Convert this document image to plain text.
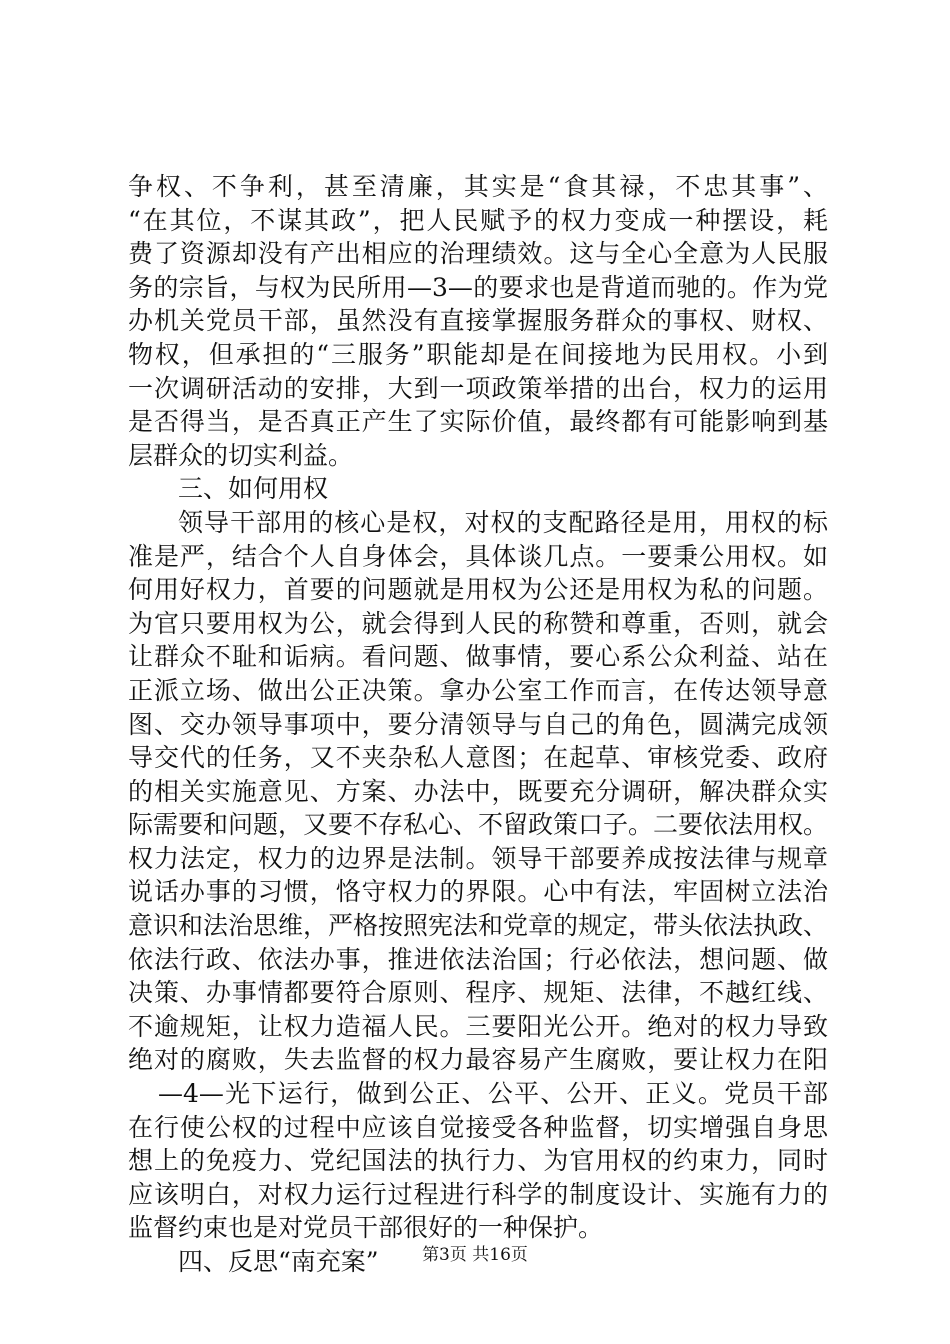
争权、不争利，甚至清廉，其实是“食其禄，不忠其事”、
“在其位，不谋其政”，把人民赋予的权力变成一种摆设，耗
费了资源却没有产出相应的治理绩效。这与全心全意为人民服
务的宗旨，与权为民所用—3—的要求也是背道而驰的。作为党
办机关党员干部，虽然没有直接掌握服务群众的事权、财权、
物权，但承担的“三服务”职能却是在间接地为民用权。小到
一次调研活动的安排，大到一项政策举措的出台，权力的运用
是否得当，是否真正产生了实际价值，最终都有可能影响到基
层群众的切实利益。
三、如何用权
领导干部用的核心是权，对权的支配路径是用，用权的标
准是严，结合个人自身体会，具体谈几点。一要秉公用权。如
何用好权力，首要的问题就是用权为公还是用权为私的问题。
为官只要用权为公，就会得到人民的称赞和尊重，否则，就会
让群众不耻和诟病。看问题、做事情，要心系公众利益、站在
正派立场、做出公正决策。拿办公室工作而言，在传达领导意
图、交办领导事项中，要分清领导与自己的角色，圆满完成领
导交代的任务，又不夹杂私人意图；在起草、审核党委、政府
的相关实施意见、方案、办法中，既要充分调研，解决群众实
际需要和问题，又要不存私心、不留政策口子。二要依法用权。
权力法定，权力的边界是法制。领导干部要养成按法律与规章
说话办事的习惯，恪守权力的界限。心中有法，牢固树立法治
意识和法治思维，严格按照宪法和党章的规定，带头依法执政、
依法行政、依法办事，推进依法治国；行必依法，想问题、做
决策、办事情都要符合原则、程序、规矩、法律，不越红线、
不逾规矩，让权力造福人民。三要阳光公开。绝对的权力导致
绝对的腐败，失去监督的权力最容易产生腐败，要让权力在阳
—4—光下运行，做到公正、公平、公开、正义。党员干部
在行使公权的过程中应该自觉接受各种监督，切实增强自身思
想上的免疫力、党纪国法的执行力、为官用权的约束力，同时
应该明白，对权力运行过程进行科学的制度设计、实施有力的
监督约束也是对党员干部很好的一种保护。
四、反思“南充案”	第3页 共16页
